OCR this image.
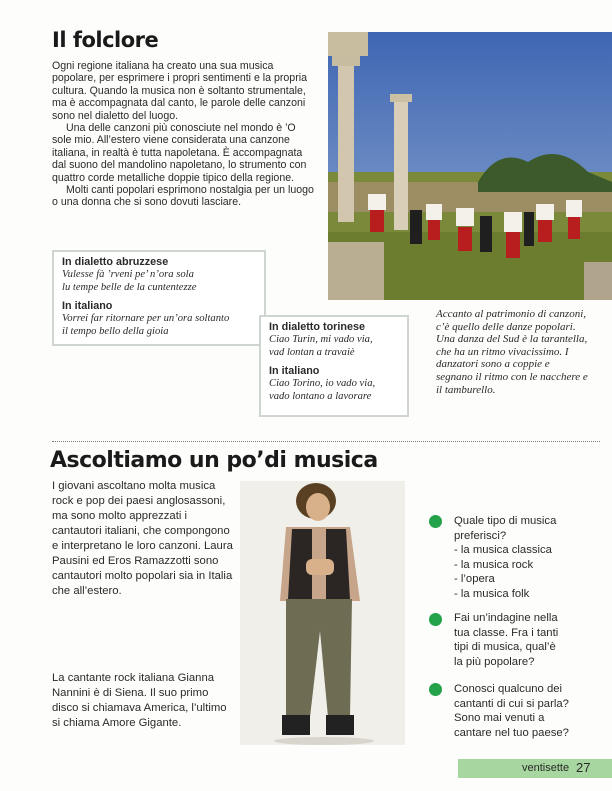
Il folclore

Ogni regione italiana ha creato una sua musica popolare, per esprimere i propri sentimenti e la propria cultura. Quando la musica non è soltanto strumentale, ma è accompagnata dal canto, le parole delle canzoni sono nel dialetto del luogo.

Una delle canzoni più conosciute nel mondo è ’O sole mio. All’estero viene considerata una canzone italiana, in realtà è tutta napoletana. È accompagnata dal suono del mandolino napoletano, lo strumento con quattro corde metalliche doppie tipico della regione.

Molti canti popolari esprimono nostalgia per un luogo o una donna che si sono dovuti lasciare.

In dialetto abruzzese
Vulesse fà ’rveni pe’ n’ora sola
lu tempe belle de la cuntentezze
In italiano
Vorrei far ritornare per un’ora soltanto
il tempo bello della gioia	In dialetto torinese
Ciao Turin, mi vado via,
vad lontan a travaiè
In italiano
Ciao Torino, io vado via,
vado lontano a lavorare
Accanto al patrimonio di canzoni, c’è quello delle danze popolari. Una danza del Sud è la tarantella, che ha un ritmo vivacissimo. I danzatori sono a coppie e segnano il ritmo con le nacchere e il tamburello.
Ascoltiamo un po’di musica
I giovani ascoltano molta musica rock e pop dei paesi anglosassoni, ma sono molto apprezzati i cantautori italiani, che compongono e interpretano le loro canzoni. Laura Pausini ed Eros Ramazzotti sono cantautori molto popolari sia in Italia che all’estero.
La cantante rock italiana Gianna Nannini è di Siena. Il suo primo disco si chiamava America, l’ultimo si chiama Amore Gigante.
Quale tipo di musica
preferisci?
- la musica classica
- la musica rock
- l’opera
- la musica folk
Fai un’indagine nella
tua classe. Fra i tanti
tipi di musica, qual’è
la più popolare?
Conosci qualcuno dei
cantanti di cui si parla?
Sono mai venuti a
cantare nel tuo paese?
ventisette 27
